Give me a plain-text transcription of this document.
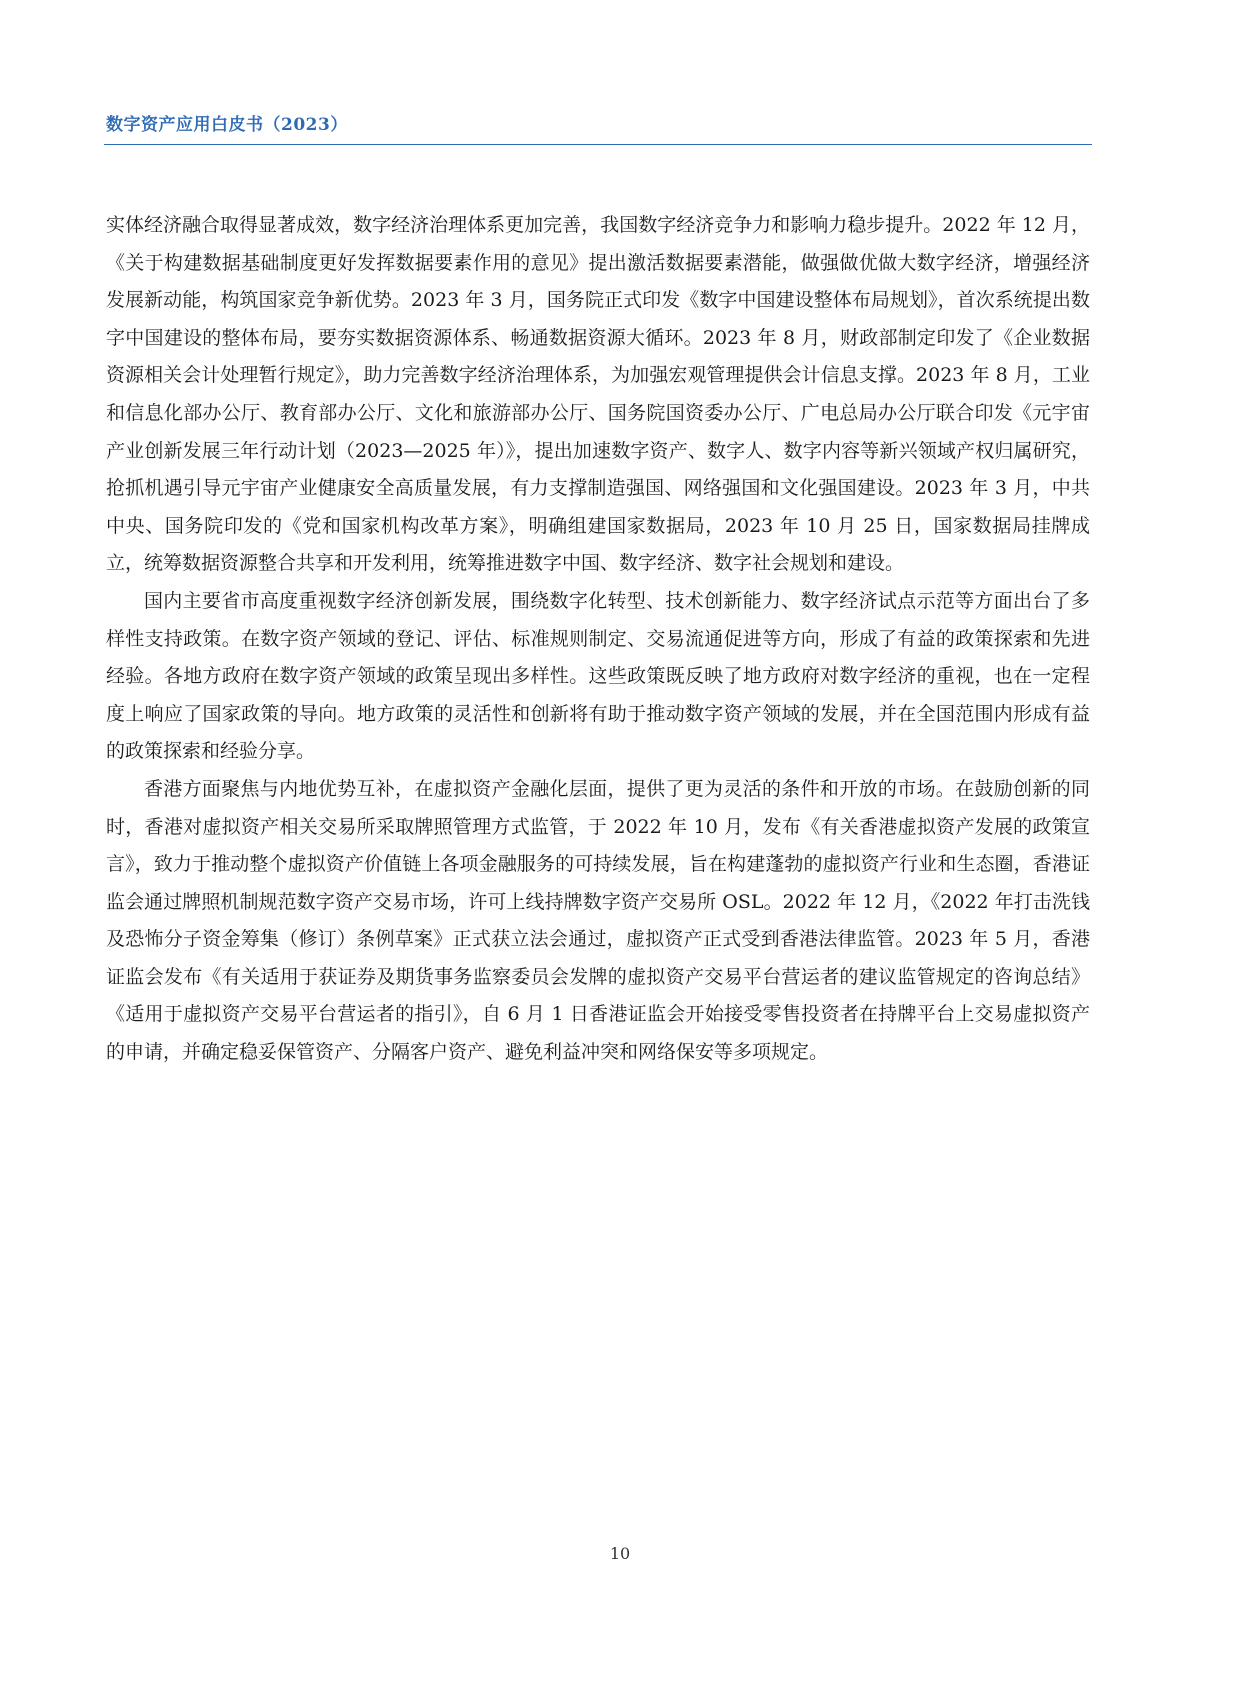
数字资产应用白皮书（2023）

实体经济融合取得显著成效，数字经济治理体系更加完善，我国数字经济竞争力和影响力稳步提升。2022 年 12 月，《关于构建数据基础制度更好发挥数据要素作用的意见》提出激活数据要素潜能，做强做优做大数字经济，增强经济发展新动能，构筑国家竞争新优势。2023 年 3 月，国务院正式印发《数字中国建设整体布局规划》，首次系统提出数字中国建设的整体布局，要夯实数据资源体系、畅通数据资源大循环。2023 年 8 月，财政部制定印发了《企业数据资源相关会计处理暂行规定》，助力完善数字经济治理体系，为加强宏观管理提供会计信息支撑。2023 年 8 月，工业和信息化部办公厅、教育部办公厅、文化和旅游部办公厅、国务院国资委办公厅、广电总局办公厅联合印发《元宇宙产业创新发展三年行动计划（2023—2025 年）》，提出加速数字资产、数字人、数字内容等新兴领域产权归属研究，抢抓机遇引导元宇宙产业健康安全高质量发展，有力支撑制造强国、网络强国和文化强国建设。2023 年 3 月，中共中央、国务院印发的《党和国家机构改革方案》，明确组建国家数据局，2023 年 10 月 25 日，国家数据局挂牌成立，统筹数据资源整合共享和开发利用，统筹推进数字中国、数字经济、数字社会规划和建设。

国内主要省市高度重视数字经济创新发展，围绕数字化转型、技术创新能力、数字经济试点示范等方面出台了多样性支持政策。在数字资产领域的登记、评估、标准规则制定、交易流通促进等方向，形成了有益的政策探索和先进经验。各地方政府在数字资产领域的政策呈现出多样性。这些政策既反映了地方政府对数字经济的重视，也在一定程度上响应了国家政策的导向。地方政策的灵活性和创新将有助于推动数字资产领域的发展，并在全国范围内形成有益的政策探索和经验分享。

香港方面聚焦与内地优势互补，在虚拟资产金融化层面，提供了更为灵活的条件和开放的市场。在鼓励创新的同时，香港对虚拟资产相关交易所采取牌照管理方式监管，于 2022 年 10 月，发布《有关香港虚拟资产发展的政策宣言》，致力于推动整个虚拟资产价值链上各项金融服务的可持续发展，旨在构建蓬勃的虚拟资产行业和生态圈，香港证监会通过牌照机制规范数字资产交易市场，许可上线持牌数字资产交易所 OSL。2022 年 12 月，《2022 年打击洗钱及恐怖分子资金筹集（修订）条例草案》正式获立法会通过，虚拟资产正式受到香港法律监管。2023 年 5 月，香港证监会发布《有关适用于获证券及期货事务监察委员会发牌的虚拟资产交易平台营运者的建议监管规定的咨询总结》《适用于虚拟资产交易平台营运者的指引》，自 6 月 1 日香港证监会开始接受零售投资者在持牌平台上交易虚拟资产的申请，并确定稳妥保管资产、分隔客户资产、避免利益冲突和网络保安等多项规定。

10
